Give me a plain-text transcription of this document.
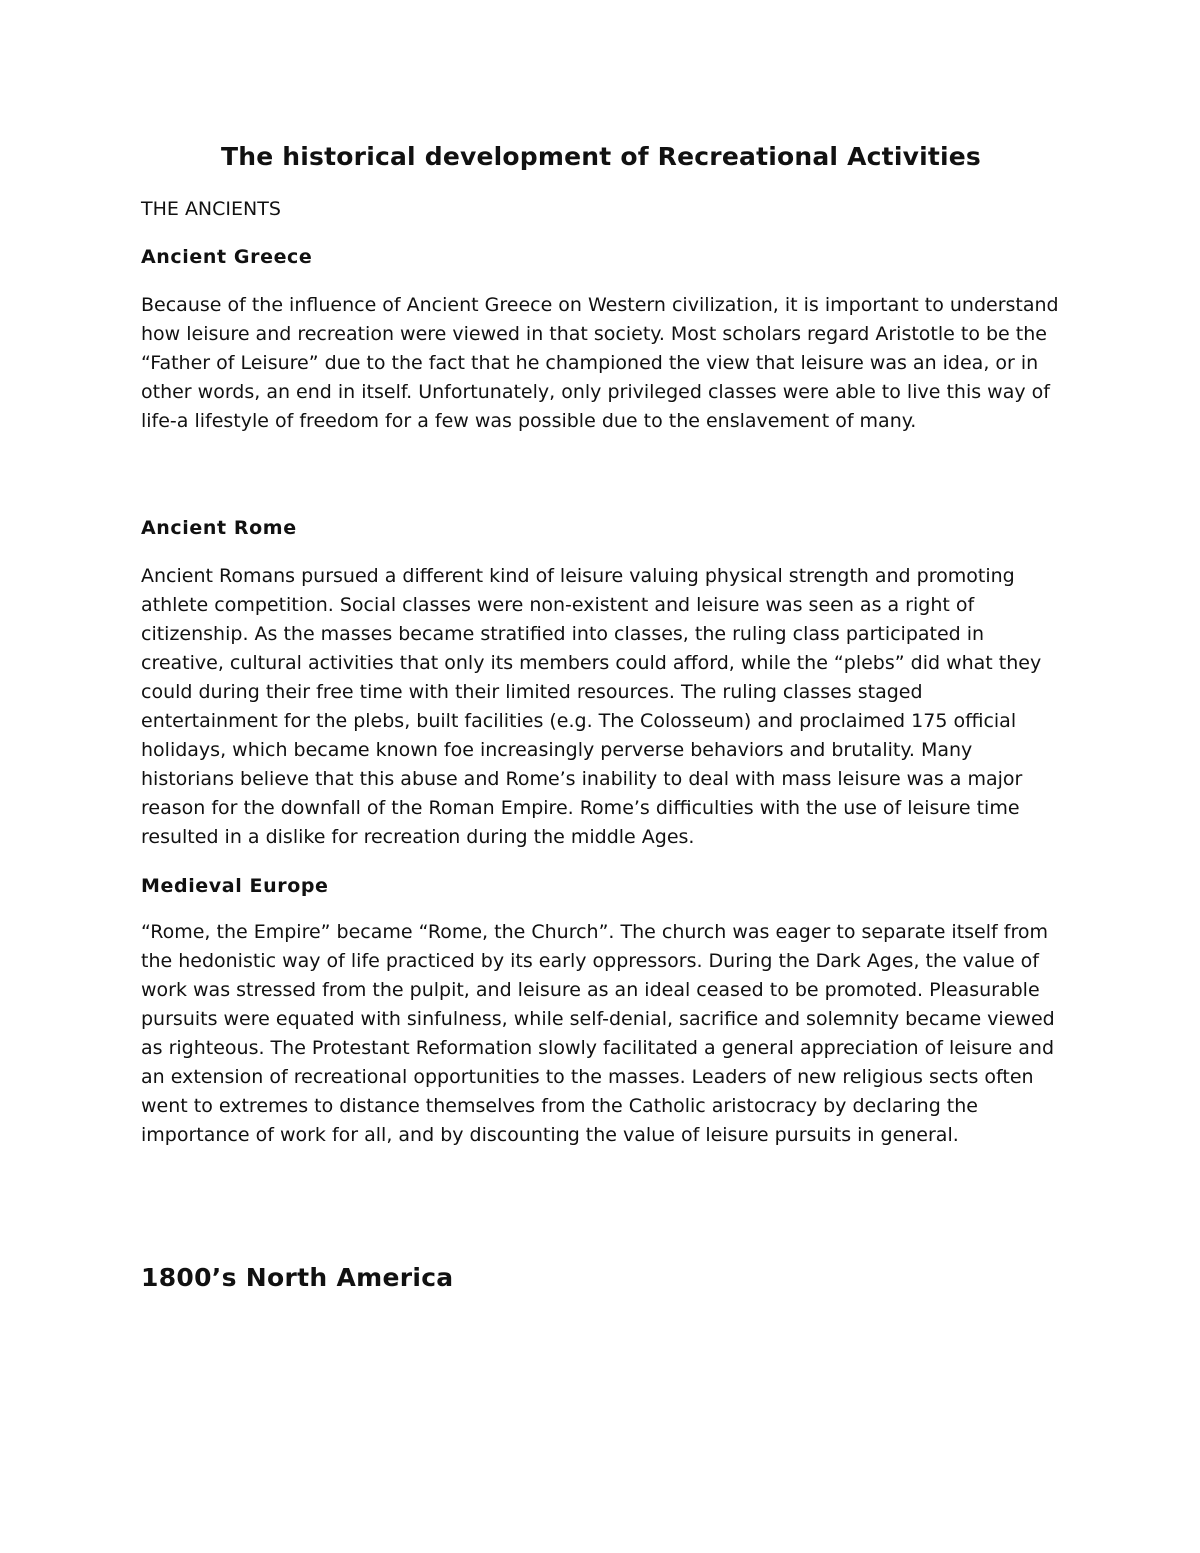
The historical development of Recreational Activities

THE ANCIENTS

Ancient Greece

Because of the influence of Ancient Greece on Western civilization, it is important to understand how leisure and recreation were viewed in that society. Most scholars regard Aristotle to be the “Father of Leisure” due to the fact that he championed the view that leisure was an idea, or in other words, an end in itself. Unfortunately, only privileged classes were able to live this way of life-a lifestyle of freedom for a few was possible due to the enslavement of many.

Ancient Rome

Ancient Romans pursued a different kind of leisure valuing physical strength and promoting athlete competition. Social classes were non-existent and leisure was seen as a right of citizenship. As the masses became stratified into classes, the ruling class participated in creative, cultural activities that only its members could afford, while the “plebs” did what they could during their free time with their limited resources. The ruling classes staged entertainment for the plebs, built facilities (e.g. The Colosseum) and proclaimed 175 official holidays, which became known foe increasingly perverse behaviors and brutality. Many historians believe that this abuse and Rome’s inability to deal with mass leisure was a major reason for the downfall of the Roman Empire. Rome’s difficulties with the use of leisure time resulted in a dislike for recreation during the middle Ages.

Medieval Europe

“Rome, the Empire” became “Rome, the Church”. The church was eager to separate itself from the hedonistic way of life practiced by its early oppressors. During the Dark Ages, the value of work was stressed from the pulpit, and leisure as an ideal ceased to be promoted. Pleasurable pursuits were equated with sinfulness, while self-denial, sacrifice and solemnity became viewed as righteous. The Protestant Reformation slowly facilitated a general appreciation of leisure and an extension of recreational opportunities to the masses. Leaders of new religious sects often went to extremes to distance themselves from the Catholic aristocracy by declaring the importance of work for all, and by discounting the value of leisure pursuits in general.

1800’s North America
